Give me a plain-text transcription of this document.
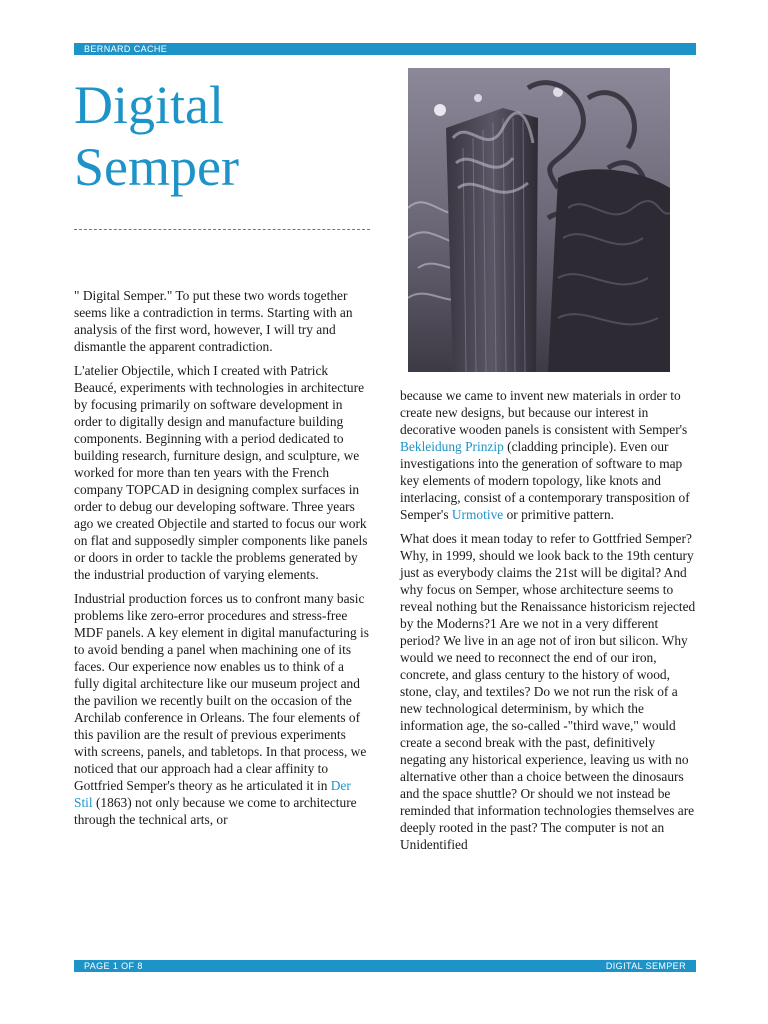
BERNARD CACHE
Digital
Semper

" Digital Semper." To put these two words together seems like a contradiction in terms. Starting with an analysis of the first word, however, I will try and dismantle the apparent contradiction.

L'atelier Objectile, which I created with Patrick Beaucé, experiments with technologies in architecture by focusing primarily on software development in order to digitally design and manufacture building components. Beginning with a period dedicated to building research, furniture design, and sculpture, we worked for more than ten years with the French company TOPCAD in designing complex surfaces in order to debug our developing software. Three years ago we created Objectile and started to focus our work on flat and supposedly simpler components like panels or doors in order to tackle the problems generated by the industrial production of varying elements.

Industrial production forces us to confront many basic problems like zero-error procedures and stress-free MDF panels. A key element in digital manufacturing is to avoid bending a panel when machining one of its faces. Our experience now enables us to think of a fully digital architecture like our museum project and the pavilion we recently built on the occasion of the Archilab conference in Orleans. The four elements of this pavilion are the result of previous experiments with screens, panels, and tabletops. In that process, we noticed that our approach had a clear affinity to Gottfried Semper's theory as he articulated it in Der Stil (1863) not only because we come to architecture through the technical arts, or

because we came to invent new materials in order to create new designs, but because our interest in decorative wooden panels is consistent with Semper's Bekleidung Prinzip (cladding principle). Even our investigations into the generation of software to map key elements of modern topology, like knots and interlacing, consist of a contemporary transposition of Semper's Urmotive or primitive pattern.

What does it mean today to refer to Gottfried Semper? Why, in 1999, should we look back to the 19th century just as everybody claims the 21st will be digital? And why focus on Semper, whose architecture seems to reveal nothing but the Renaissance historicism rejected by the Moderns?1 Are we not in a very different period? We live in an age not of iron but silicon. Why would we need to reconnect the end of our iron, concrete, and glass century to the history of wood, stone, clay, and textiles? Do we not run the risk of a new technological determinism, by which the information age, the so-called -"third wave," would create a second break with the past, definitively negating any historical experience, leaving us with no alternative other than a choice between the dinosaurs and the space shuttle? Or should we not instead be reminded that information technologies themselves are deeply rooted in the past? The computer is not an Unidentified

PAGE 1 OF 8	DIGITAL SEMPER
